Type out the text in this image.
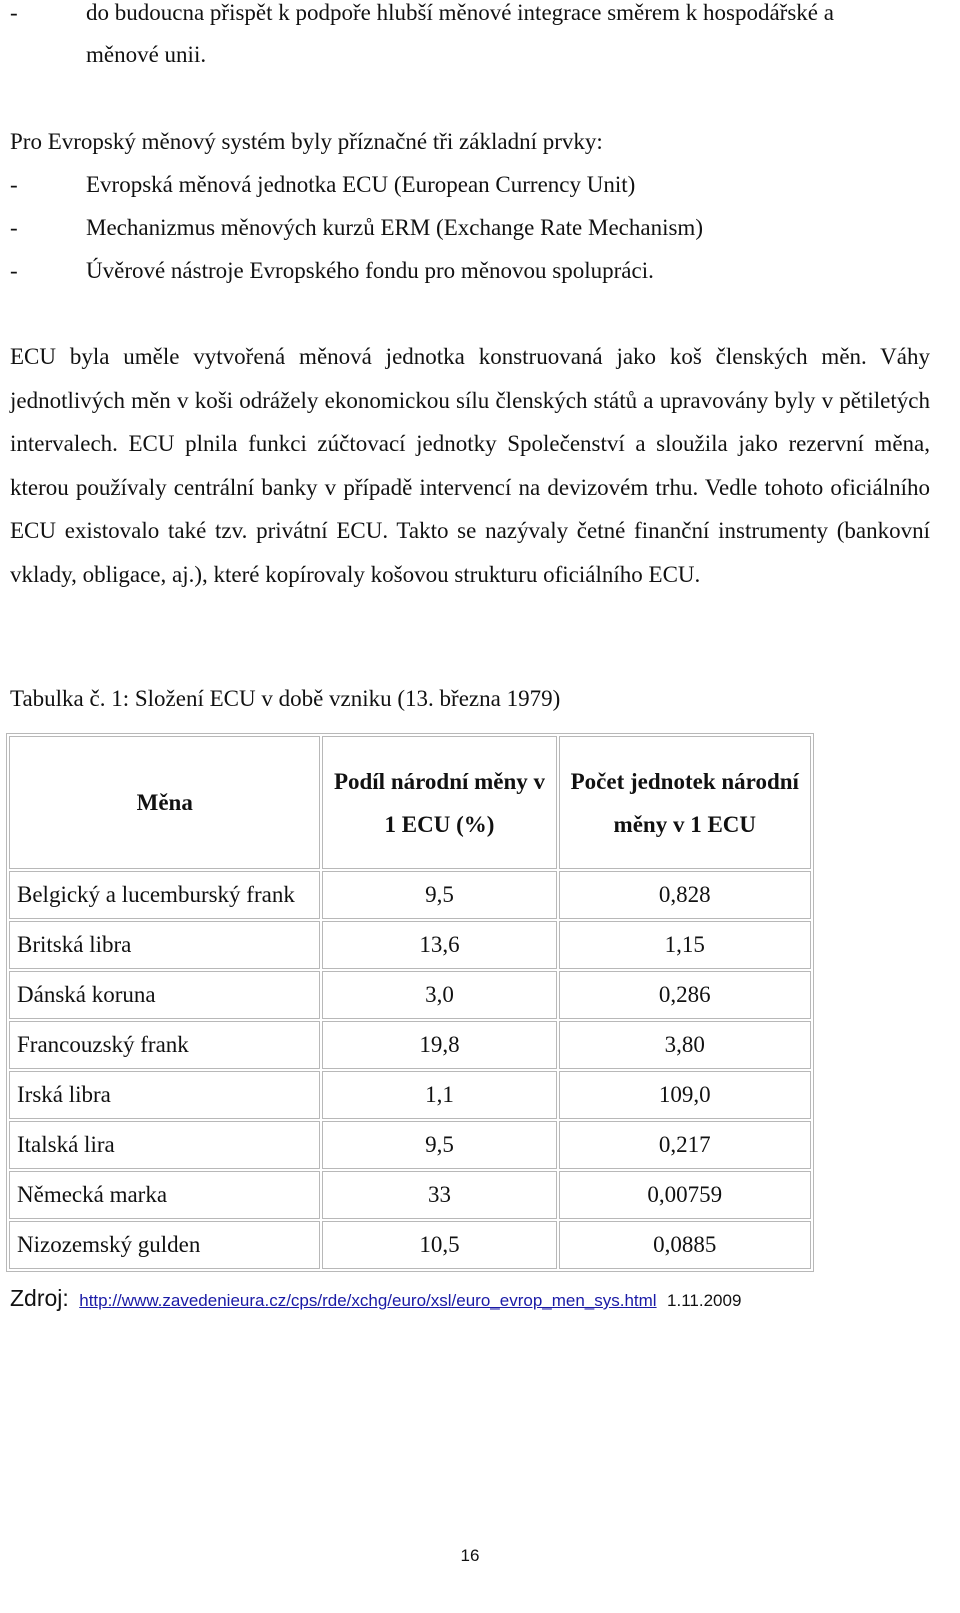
-	do budoucna přispět k podpoře hlubší měnové integrace směrem k hospodářské a
měnové unii.
Pro Evropský měnový systém byly příznačné tři základní prvky:
-	Evropská měnová jednotka ECU (European Currency Unit)
-	Mechanizmus měnových kurzů ERM (Exchange Rate Mechanism)
-	Úvěrové nástroje Evropského fondu pro měnovou spolupráci.

ECU byla uměle vytvořená měnová jednotka konstruovaná jako koš členských měn. Váhy jednotlivých měn v koši odrážely ekonomickou sílu členských států a upravovány byly v pětiletých intervalech. ECU plnila funkci zúčtovací jednotky Společenství a sloužila jako rezervní měna, kterou používaly centrální banky v případě intervencí na devizovém trhu. Vedle tohoto oficiálního ECU existovalo také tzv. privátní ECU. Takto se nazývaly četné finanční instrumenty (bankovní vklady, obligace, aj.), které kopírovaly košovou strukturu oficiálního ECU.

Tabulka č. 1: Složení ECU v době vzniku (13. března 1979)
Měna	Podíl národní měny v 1 ECU (%)	Počet jednotek národní měny v 1 ECU
Belgický a lucemburský frank	9,5	0,828
Britská libra	13,6	1,15
Dánská koruna	3,0	0,286
Francouzský frank	19,8	3,80
Irská libra	1,1	109,0
Italská lira	9,5	0,217
Německá marka	33	0,00759
Nizozemský gulden	10,5	0,0885
Zdroj: http://www.zavedenieura.cz/cps/rde/xchg/euro/xsl/euro_evrop_men_sys.html 1.11.2009
16
